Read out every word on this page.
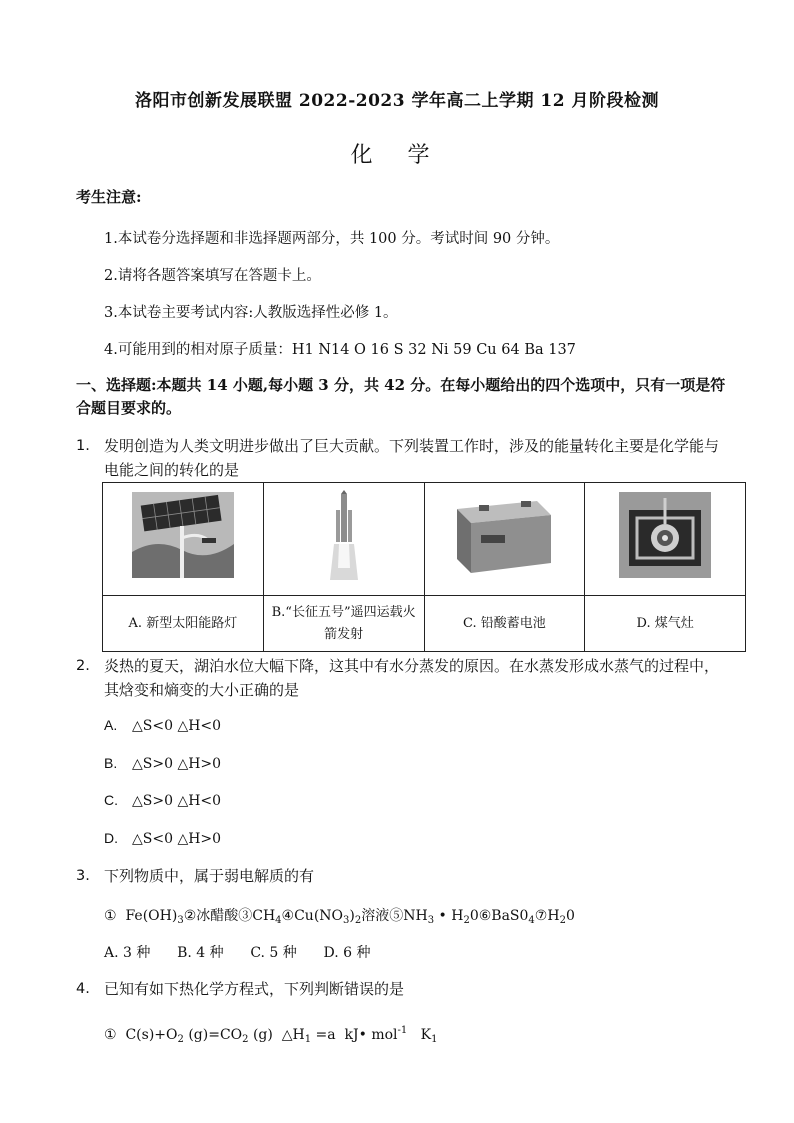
洛阳市创新发展联盟 2022-2023 学年高二上学期 12 月阶段检测
化 学
考生注意:
1.本试卷分选择题和非选择题两部分，共 100 分。考试时间 90 分钟。
2.请将各题答案填写在答题卡上。
3.本试卷主要考试内容:人教版选择性必修 1。
4.可能用到的相对原子质量：H1 N14 O 16 S 32 Ni 59 Cu 64 Ba 137
一、选择题:本题共 14 小题,每小题 3 分，共 42 分。在每小题给出的四个选项中，只有一项是符合题目要求的。
1. 发明创造为人类文明进步做出了巨大贡献。下列装置工作时，涉及的能量转化主要是化学能与电能之间的转化的是

A. 新型太阳能路灯	B.“长征五号”遥四运载火箭发射	C. 铅酸蓄电池	D. 煤气灶
2. 炎热的夏天，湖泊水位大幅下降，这其中有水分蒸发的原因。在水蒸发形成水蒸气的过程中， 其焓变和熵变的大小正确的是
A. △S<0 △H<0
B. △S>0 △H>0
C. △S>0 △H<0
D. △S<0 △H>0
3. 下列物质中，属于弱电解质的有
① $Fe(OH)_3②$冰醋酸$③CH_4④Cu(NO_3)_2$溶液$⑤NH_3$ • $H_20⑥BaS0_4⑦H_20$
A. 3 种      B. 4 种      C. 5 种      D. 6 种
4. 已知有如下热化学方程式，下列判断错误的是
① $C(s)+O_2$ $(g)=CO_2$ (g)  $\triangle H_1 =a$  kJ• mol$^{-1}$   $K_1$
